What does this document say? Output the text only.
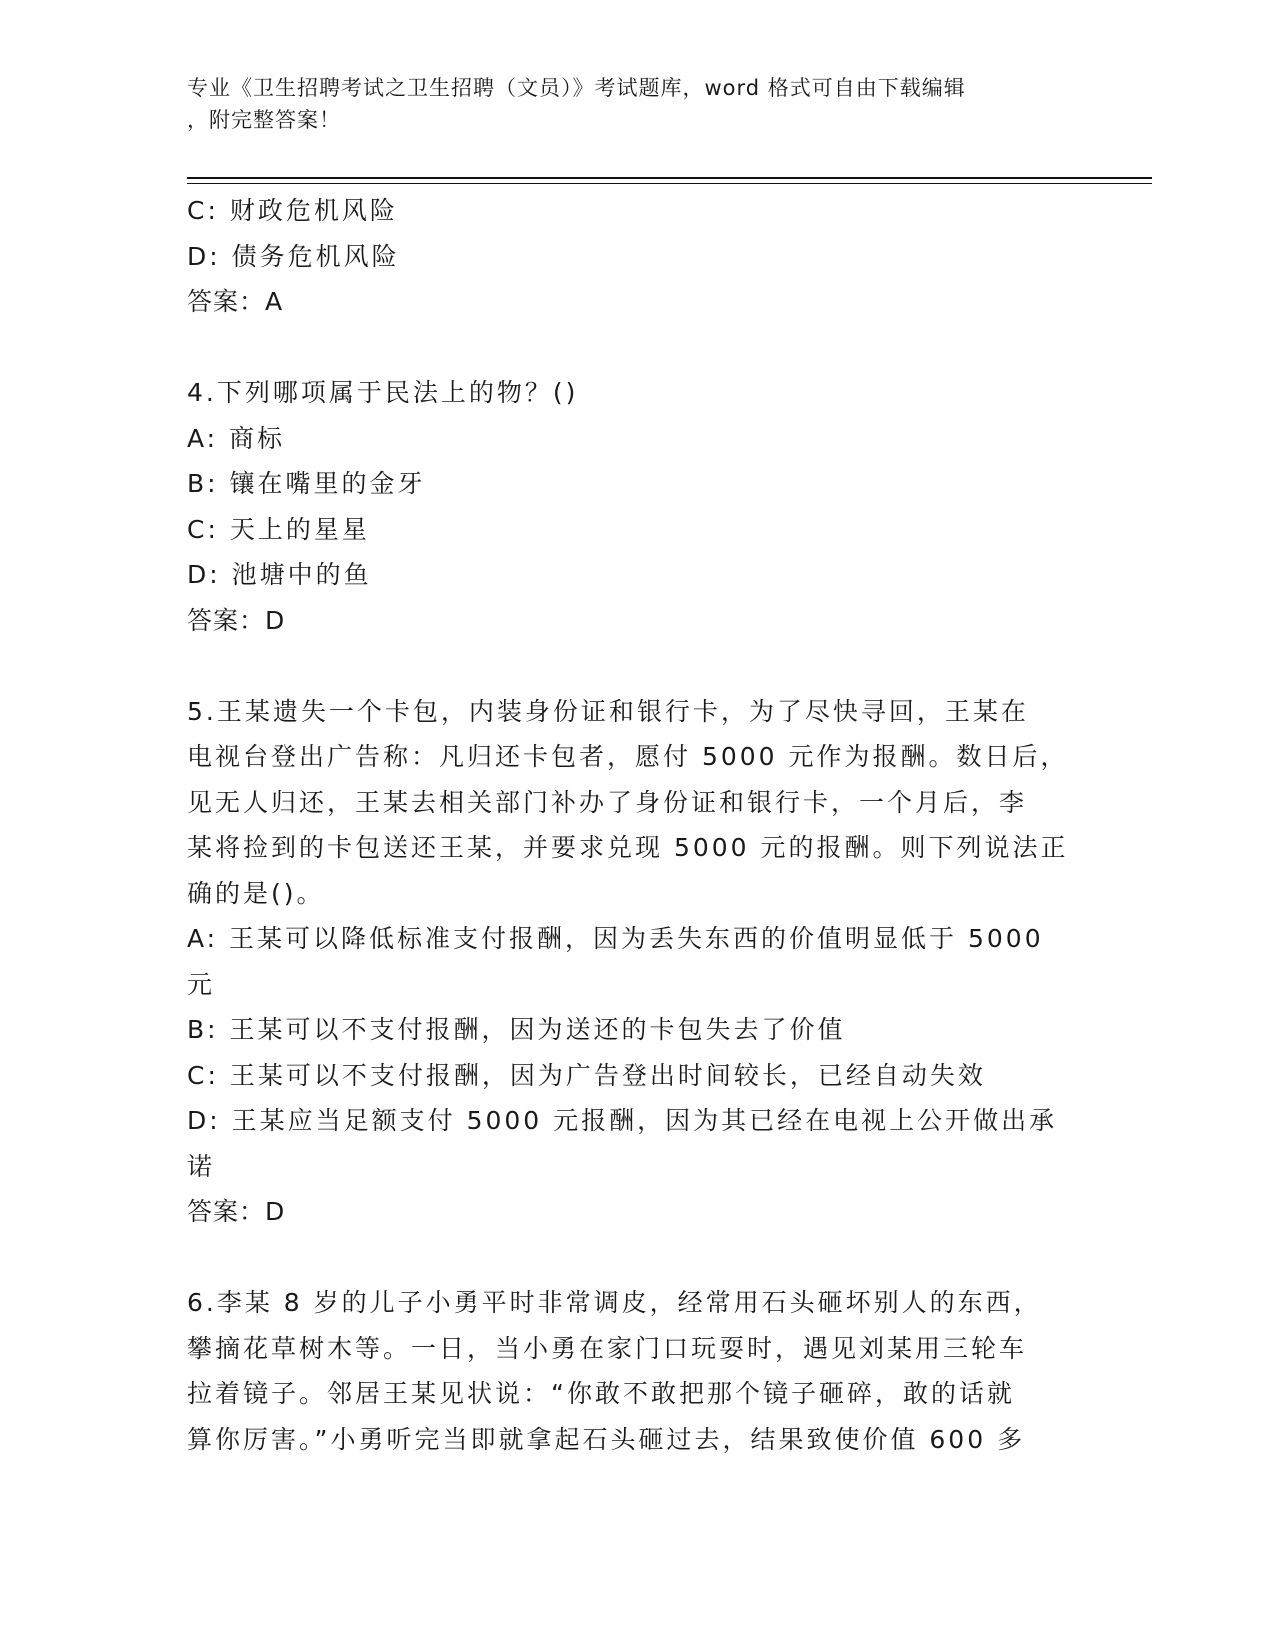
专业《卫生招聘考试之卫生招聘（文员）》考试题库，word 格式可自由下载编辑
，附完整答案！

C: 财政危机风险

D: 债务危机风险

答案：A

4.下列哪项属于民法上的物？()

A: 商标

B: 镶在嘴里的金牙

C: 天上的星星

D: 池塘中的鱼

答案：D

5.王某遗失一个卡包，内装身份证和银行卡，为了尽快寻回，王某在

电视台登出广告称：凡归还卡包者，愿付 5000 元作为报酬。数日后，

见无人归还，王某去相关部门补办了身份证和银行卡，一个月后，李

某将捡到的卡包送还王某，并要求兑现 5000 元的报酬。则下列说法正

确的是()。

A: 王某可以降低标准支付报酬，因为丢失东西的价值明显低于 5000

元

B: 王某可以不支付报酬，因为送还的卡包失去了价值

C: 王某可以不支付报酬，因为广告登出时间较长，已经自动失效

D: 王某应当足额支付 5000 元报酬，因为其已经在电视上公开做出承

诺

答案：D

6.李某 8 岁的儿子小勇平时非常调皮，经常用石头砸坏别人的东西，

攀摘花草树木等。一日，当小勇在家门口玩耍时，遇见刘某用三轮车

拉着镜子。邻居王某见状说：“你敢不敢把那个镜子砸碎，敢的话就

算你厉害。”小勇听完当即就拿起石头砸过去，结果致使价值 600 多
